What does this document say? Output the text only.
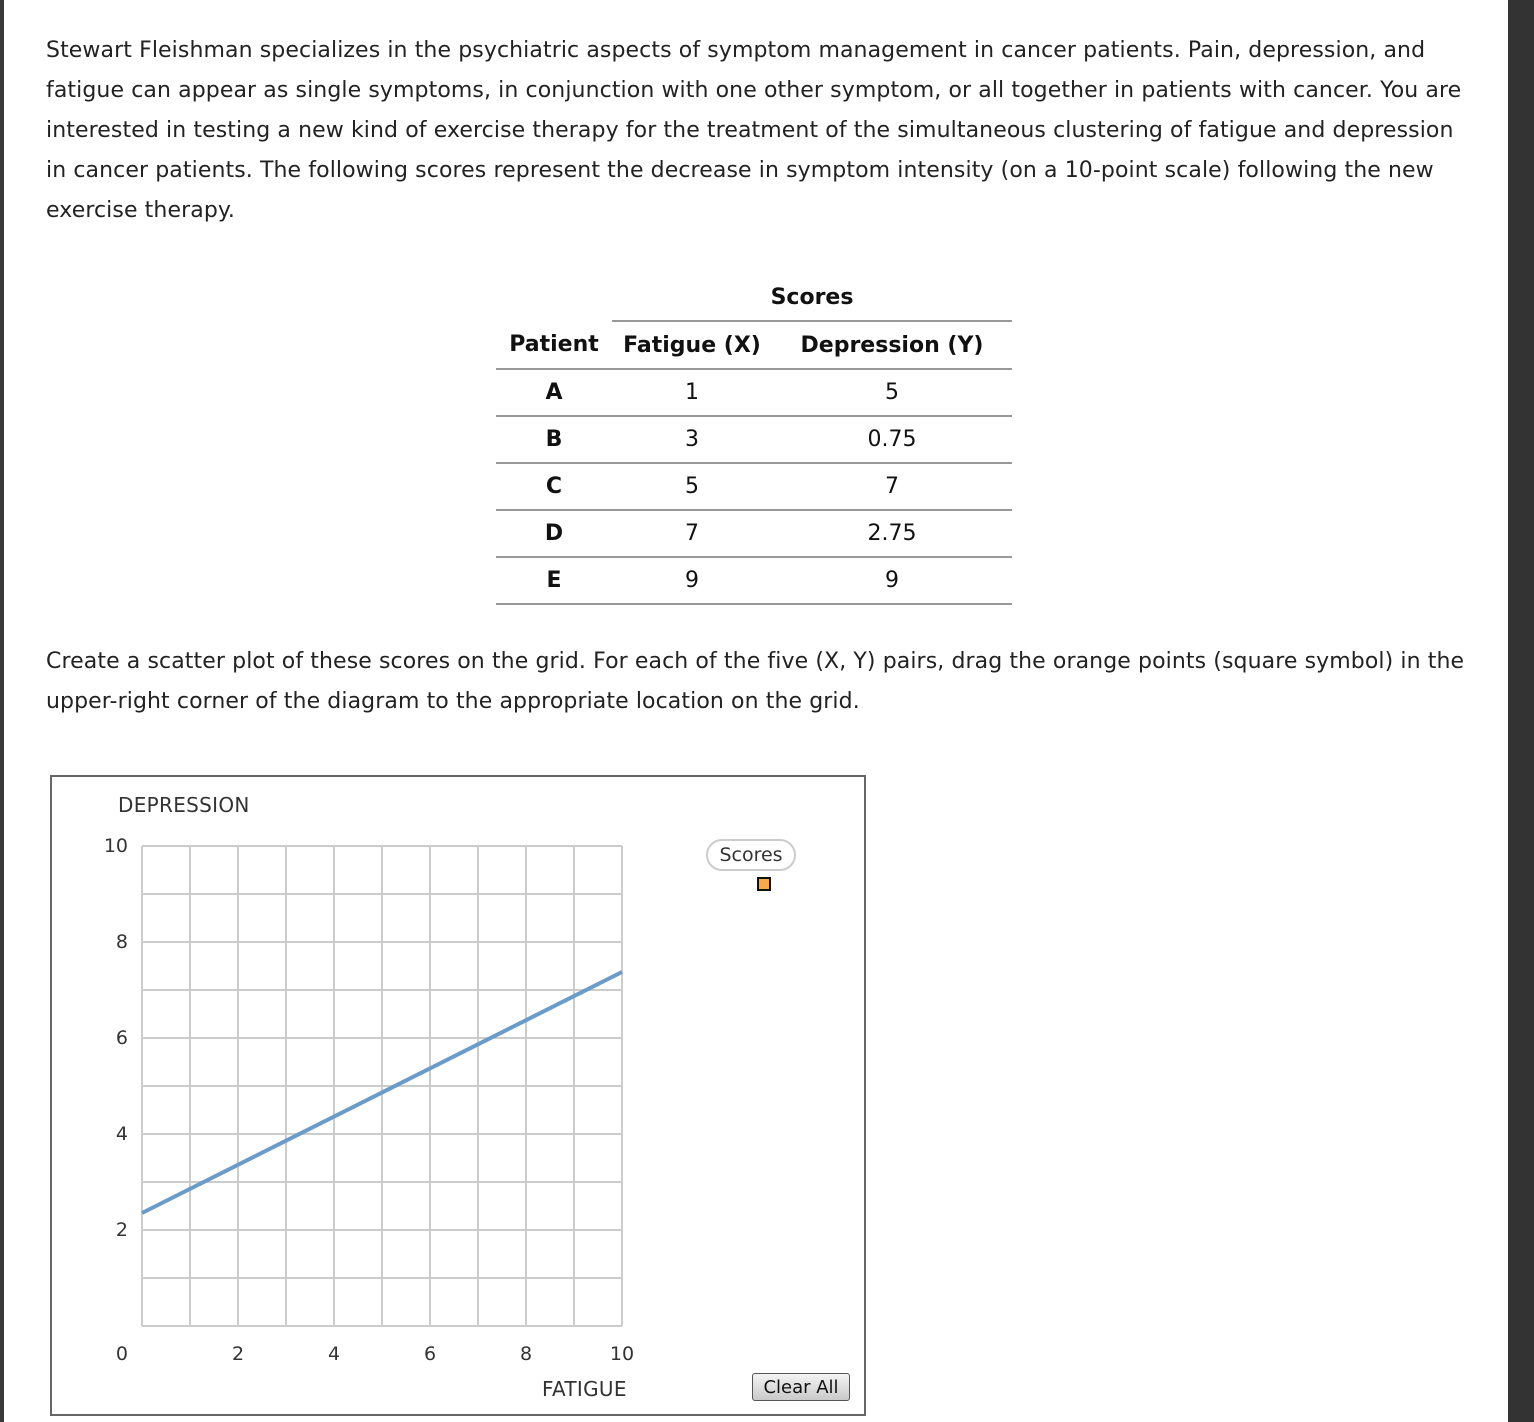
Stewart Fleishman specializes in the psychiatric aspects of symptom management in cancer patients. Pain, depression, and fatigue can appear as single symptoms, in conjunction with one other symptom, or all together in patients with cancer. You are interested in testing a new kind of exercise therapy for the treatment of the simultaneous clustering of fatigue and depression in cancer patients. The following scores represent the decrease in symptom intensity (on a 10-point scale) following the new exercise therapy.

	Scores	
Patient	Fatigue (X)	Depression (Y)
A	1	5
B	3	0.75
C	5	7
D	7	2.75
E	9	9

Create a scatter plot of these scores on the grid. For each of the five (X, Y) pairs, drag the orange points (square symbol) in the upper-right corner of the diagram to the appropriate location on the grid.

DEPRESSION
10
8
6
4
2
0	2	4	6	8	10
Scores
FATIGUE	Clear All
